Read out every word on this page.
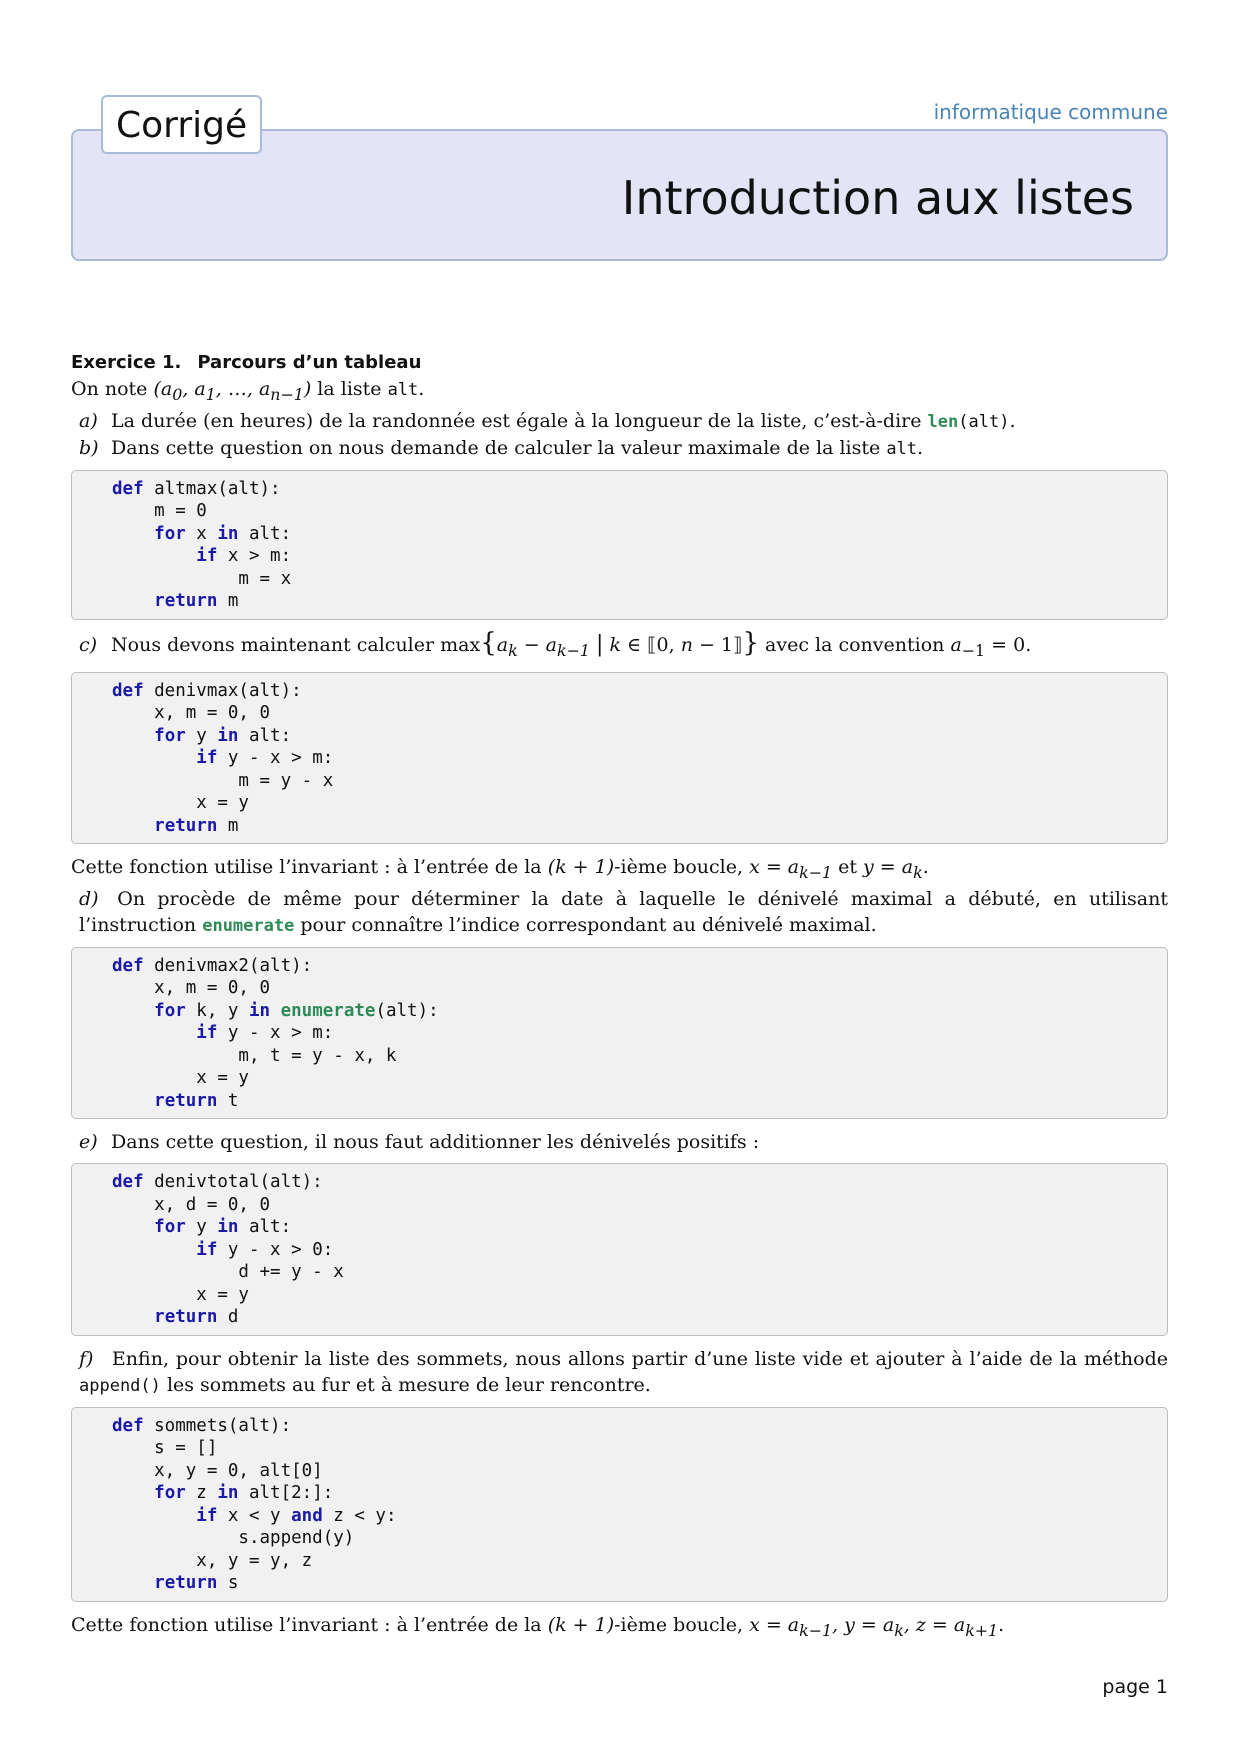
informatique commune
Introduction aux listes
Corrigé
Exercice 1. Parcours d’un tableau

On note ($a_0$, $a_1$, …, $a_{n-1}$) la liste alt.

a) La durée (en heures) de la randonnée est égale à la longueur de la liste, c’est-à-dire len(alt).

b) Dans cette question on nous demande de calculer la valeur maximale de la liste alt.

def altmax(alt):
m = 0
for x in alt:
if x > m:
m = x
return m

c) Nous devons maintenant calculer $\max\{a_k - a_{k-1}$ | k ∈ ⟦0, n − 1⟧} avec la convention $a_{-1} = 0$.

def denivmax(alt):
x, m = 0, 0
for y in alt:
if y - x > m:
m = y - x
x = y
return m

Cette fonction utilise l’invariant : à l’entrée de la (k + 1)-ième boucle, $x = a_{k-1}$ et $y = a_k$.

d) On procède de même pour déterminer la date à laquelle le dénivelé maximal a débuté, en utilisant l’instruction enumerate pour connaître l’indice correspondant au dénivelé maximal.

def denivmax2(alt):
x, m = 0, 0
for k, y in enumerate(alt):
if y - x > m:
m, t = y - x, k
x = y
return t

e) Dans cette question, il nous faut additionner les dénivelés positifs :

def denivtotal(alt):
x, d = 0, 0
for y in alt:
if y - x > 0:
d += y - x
x = y
return d

f) Enfin, pour obtenir la liste des sommets, nous allons partir d’une liste vide et ajouter à l’aide de la méthode append() les sommets au fur et à mesure de leur rencontre.

def sommets(alt):
s = []
x, y = 0, alt[0]
for z in alt[2:]:
if x < y and z < y:
s.append(y)
x, y = y, z
return s

Cette fonction utilise l’invariant : à l’entrée de la (k + 1)-ième boucle, $x = a_{k-1}$, $y = a_k$, $z = a_{k+1}$.

page 1
